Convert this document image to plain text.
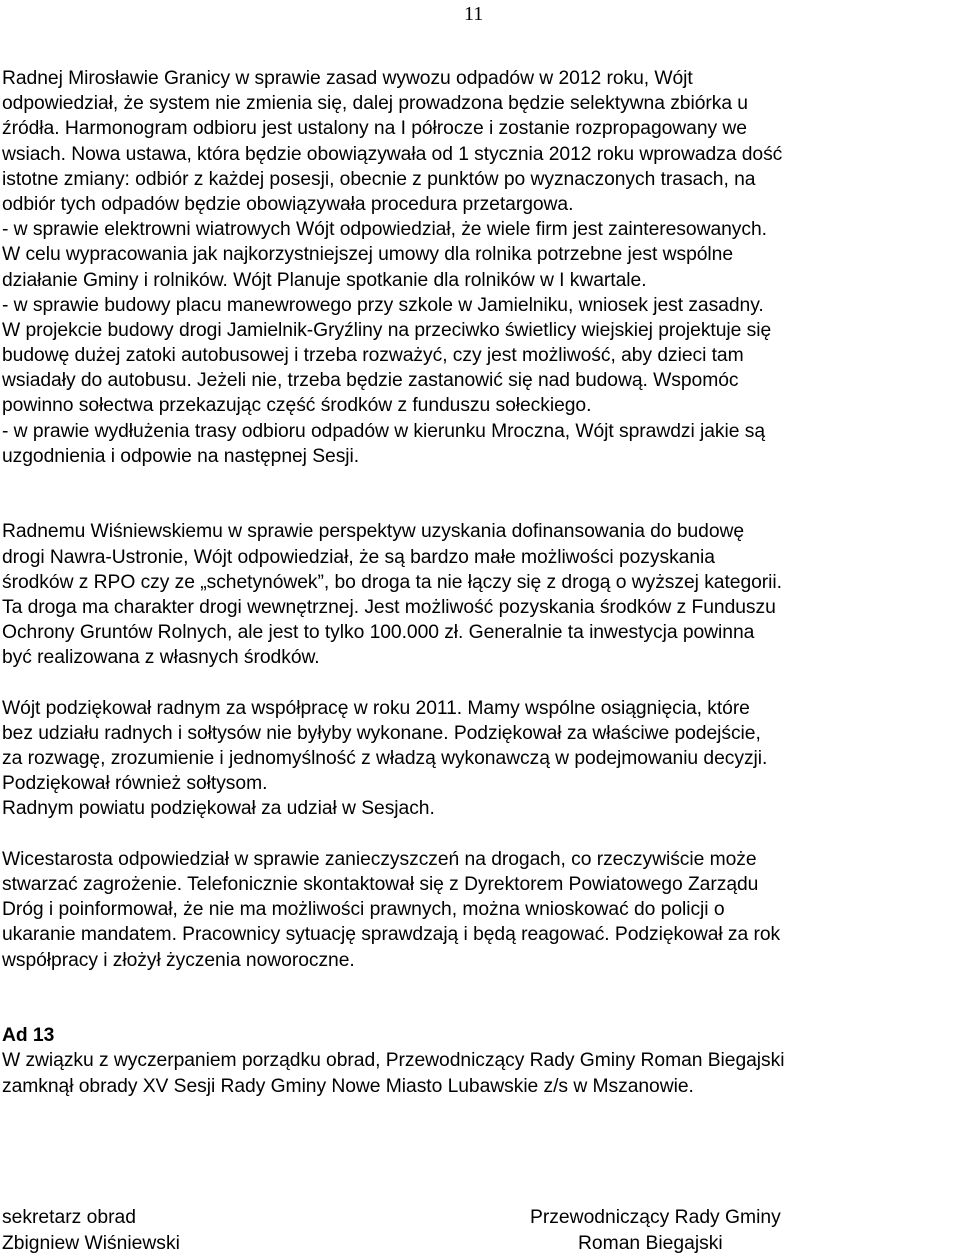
11
Radnej Mirosławie Granicy w sprawie zasad wywozu odpadów w 2012 roku, Wójt
odpowiedział, że system nie zmienia się, dalej prowadzona będzie selektywna zbiórka u
źródła. Harmonogram odbioru jest ustalony na I półrocze i zostanie rozpropagowany we
wsiach. Nowa ustawa, która będzie obowiązywała od 1 stycznia 2012 roku wprowadza dość
istotne zmiany: odbiór z każdej posesji, obecnie z punktów po wyznaczonych trasach, na
odbiór tych odpadów będzie obowiązywała procedura przetargowa.
- w sprawie elektrowni wiatrowych Wójt odpowiedział, że wiele firm jest zainteresowanych.
W celu wypracowania jak najkorzystniejszej umowy dla rolnika potrzebne jest wspólne
działanie Gminy i rolników. Wójt Planuje spotkanie dla rolników w I kwartale.
- w sprawie budowy placu manewrowego przy szkole w Jamielniku, wniosek jest zasadny.
W projekcie budowy drogi Jamielnik-Gryźliny na przeciwko świetlicy wiejskiej projektuje się
budowę dużej zatoki autobusowej i trzeba rozważyć, czy jest możliwość, aby dzieci tam
wsiadały do autobusu. Jeżeli nie, trzeba będzie zastanowić się nad budową. Wspomóc
powinno sołectwa przekazując część środków z funduszu sołeckiego.
- w prawie wydłużenia trasy odbioru odpadów w kierunku Mroczna, Wójt sprawdzi jakie są
uzgodnienia i odpowie na następnej Sesji.
Radnemu Wiśniewskiemu w sprawie perspektyw uzyskania dofinansowania do budowę
drogi Nawra-Ustronie, Wójt odpowiedział, że są bardzo małe możliwości pozyskania
środków z RPO czy ze „schetynówek”, bo droga ta nie łączy się z drogą o wyższej kategorii.
Ta droga ma charakter drogi wewnętrznej. Jest możliwość pozyskania środków z Funduszu
Ochrony Gruntów Rolnych, ale jest to tylko 100.000 zł. Generalnie ta inwestycja powinna
być realizowana z własnych środków.
Wójt podziękował radnym za współpracę w roku 2011. Mamy wspólne osiągnięcia, które
bez udziału radnych i sołtysów nie byłyby wykonane. Podziękował za właściwe podejście,
za rozwagę, zrozumienie i jednomyślność z władzą wykonawczą w podejmowaniu decyzji.
Podziękował również sołtysom.
Radnym powiatu podziękował za udział w Sesjach.
Wicestarosta odpowiedział w sprawie zanieczyszczeń na drogach, co rzeczywiście może
stwarzać zagrożenie. Telefonicznie skontaktował się z Dyrektorem Powiatowego Zarządu
Dróg i poinformował, że nie ma możliwości prawnych, można wnioskować do policji o
ukaranie mandatem. Pracownicy sytuację sprawdzają i będą reagować. Podziękował za rok
współpracy i złożył życzenia noworoczne.
Ad 13
W związku z wyczerpaniem porządku obrad, Przewodniczący Rady Gminy Roman Biegajski
zamknął obrady XV Sesji Rady Gminy Nowe Miasto Lubawskie z/s w Mszanowie.
sekretarz obrad
Zbigniew Wiśniewski
Przewodniczący Rady Gminy
Roman Biegajski
